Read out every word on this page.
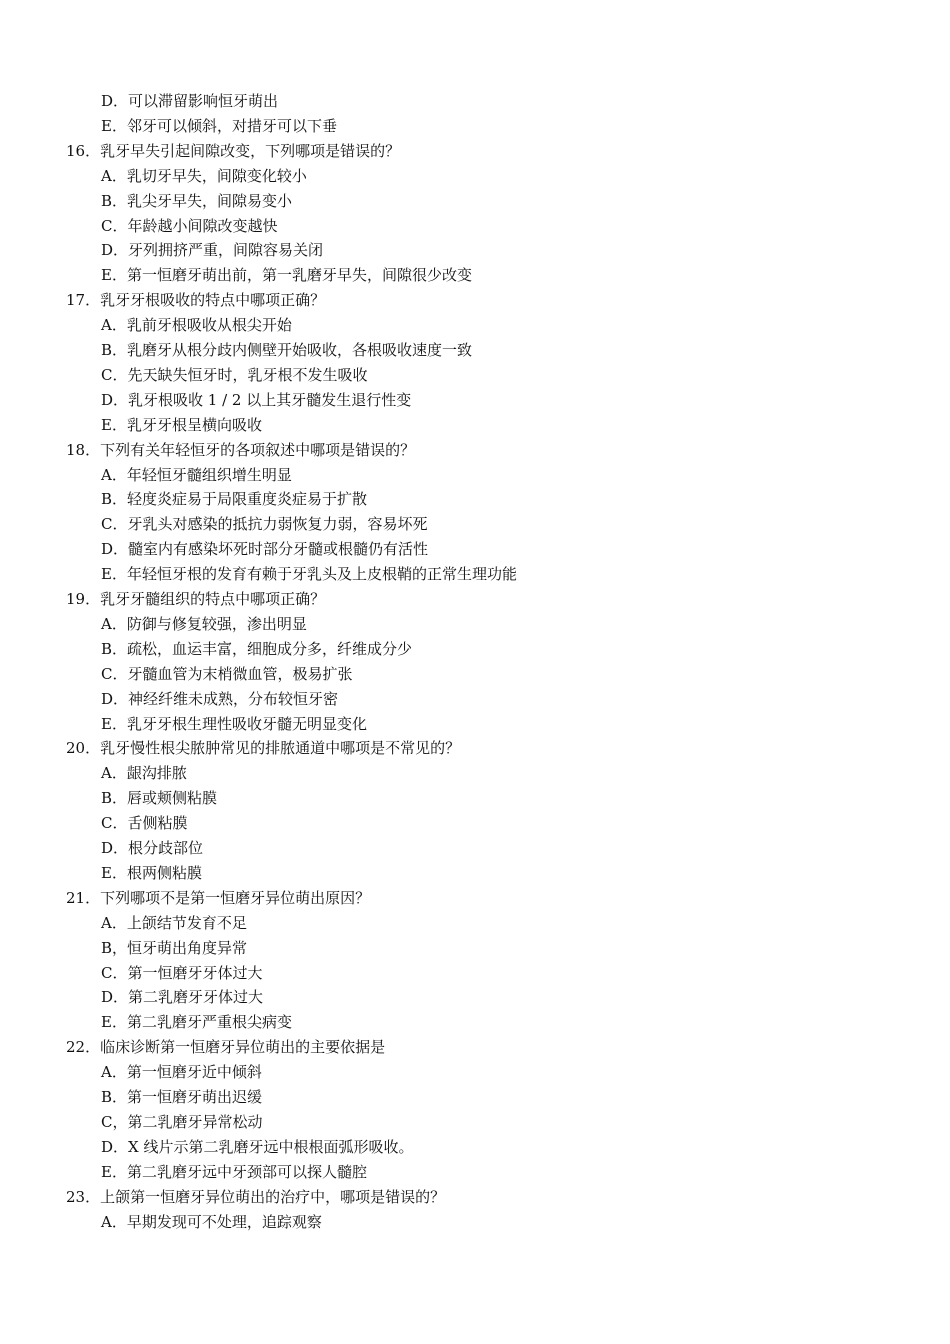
D．可以滞留影响恒牙萌出
E．邻牙可以倾斜，对措牙可以下垂
16．乳牙早失引起间隙改变，下列哪项是错误的？
A．乳切牙早失，间隙变化较小
B．乳尖牙早失，间隙易变小
C．年龄越小间隙改变越快
D．牙列拥挤严重，间隙容易关闭
E．第一恒磨牙萌出前，第一乳磨牙早失，间隙很少改变
17．乳牙牙根吸收的特点中哪项正确？
A．乳前牙根吸收从根尖开始
B．乳磨牙从根分歧内侧壁开始吸收，各根吸收速度一致
C．先天缺失恒牙时，乳牙根不发生吸收
D．乳牙根吸收 1 / 2 以上其牙髓发生退行性变
E．乳牙牙根呈横向吸收
18．下列有关年轻恒牙的各项叙述中哪项是错误的？
A．年轻恒牙髓组织增生明显
B．轻度炎症易于局限重度炎症易于扩散
C．牙乳头对感染的抵抗力弱恢复力弱，容易坏死
D．髓室内有感染坏死时部分牙髓或根髓仍有活性
E．年轻恒牙根的发育有赖于牙乳头及上皮根鞘的正常生理功能
19．乳牙牙髓组织的特点中哪项正确？
A．防御与修复较强，渗出明显
B．疏松，血运丰富，细胞成分多，纤维成分少
C．牙髓血管为末梢微血管，极易扩张
D．神经纤维未成熟，分布较恒牙密
E．乳牙牙根生理性吸收牙髓无明显变化
20．乳牙慢性根尖脓肿常见的排脓通道中哪项是不常见的？
A．龈沟排脓
B．唇或颊侧粘膜
C．舌侧粘膜
D．根分歧部位
E．根两侧粘膜
21．下列哪项不是第一恒磨牙异位萌出原因？
A．上颌结节发育不足
B，恒牙萌出角度异常
C．第一恒磨牙牙体过大
D．第二乳磨牙牙体过大
E．第二乳磨牙严重根尖病变
22．临床诊断第一恒磨牙异位萌出的主要依据是
A．第一恒磨牙近中倾斜
B．第一恒磨牙萌出迟缓
C，第二乳磨牙异常松动
D．X 线片示第二乳磨牙远中根根面弧形吸收。
E．第二乳磨牙远中牙颈部可以探人髓腔
23．上颌第一恒磨牙异位萌出的治疗中，哪项是错误的？
A．早期发现可不处理，追踪观察
